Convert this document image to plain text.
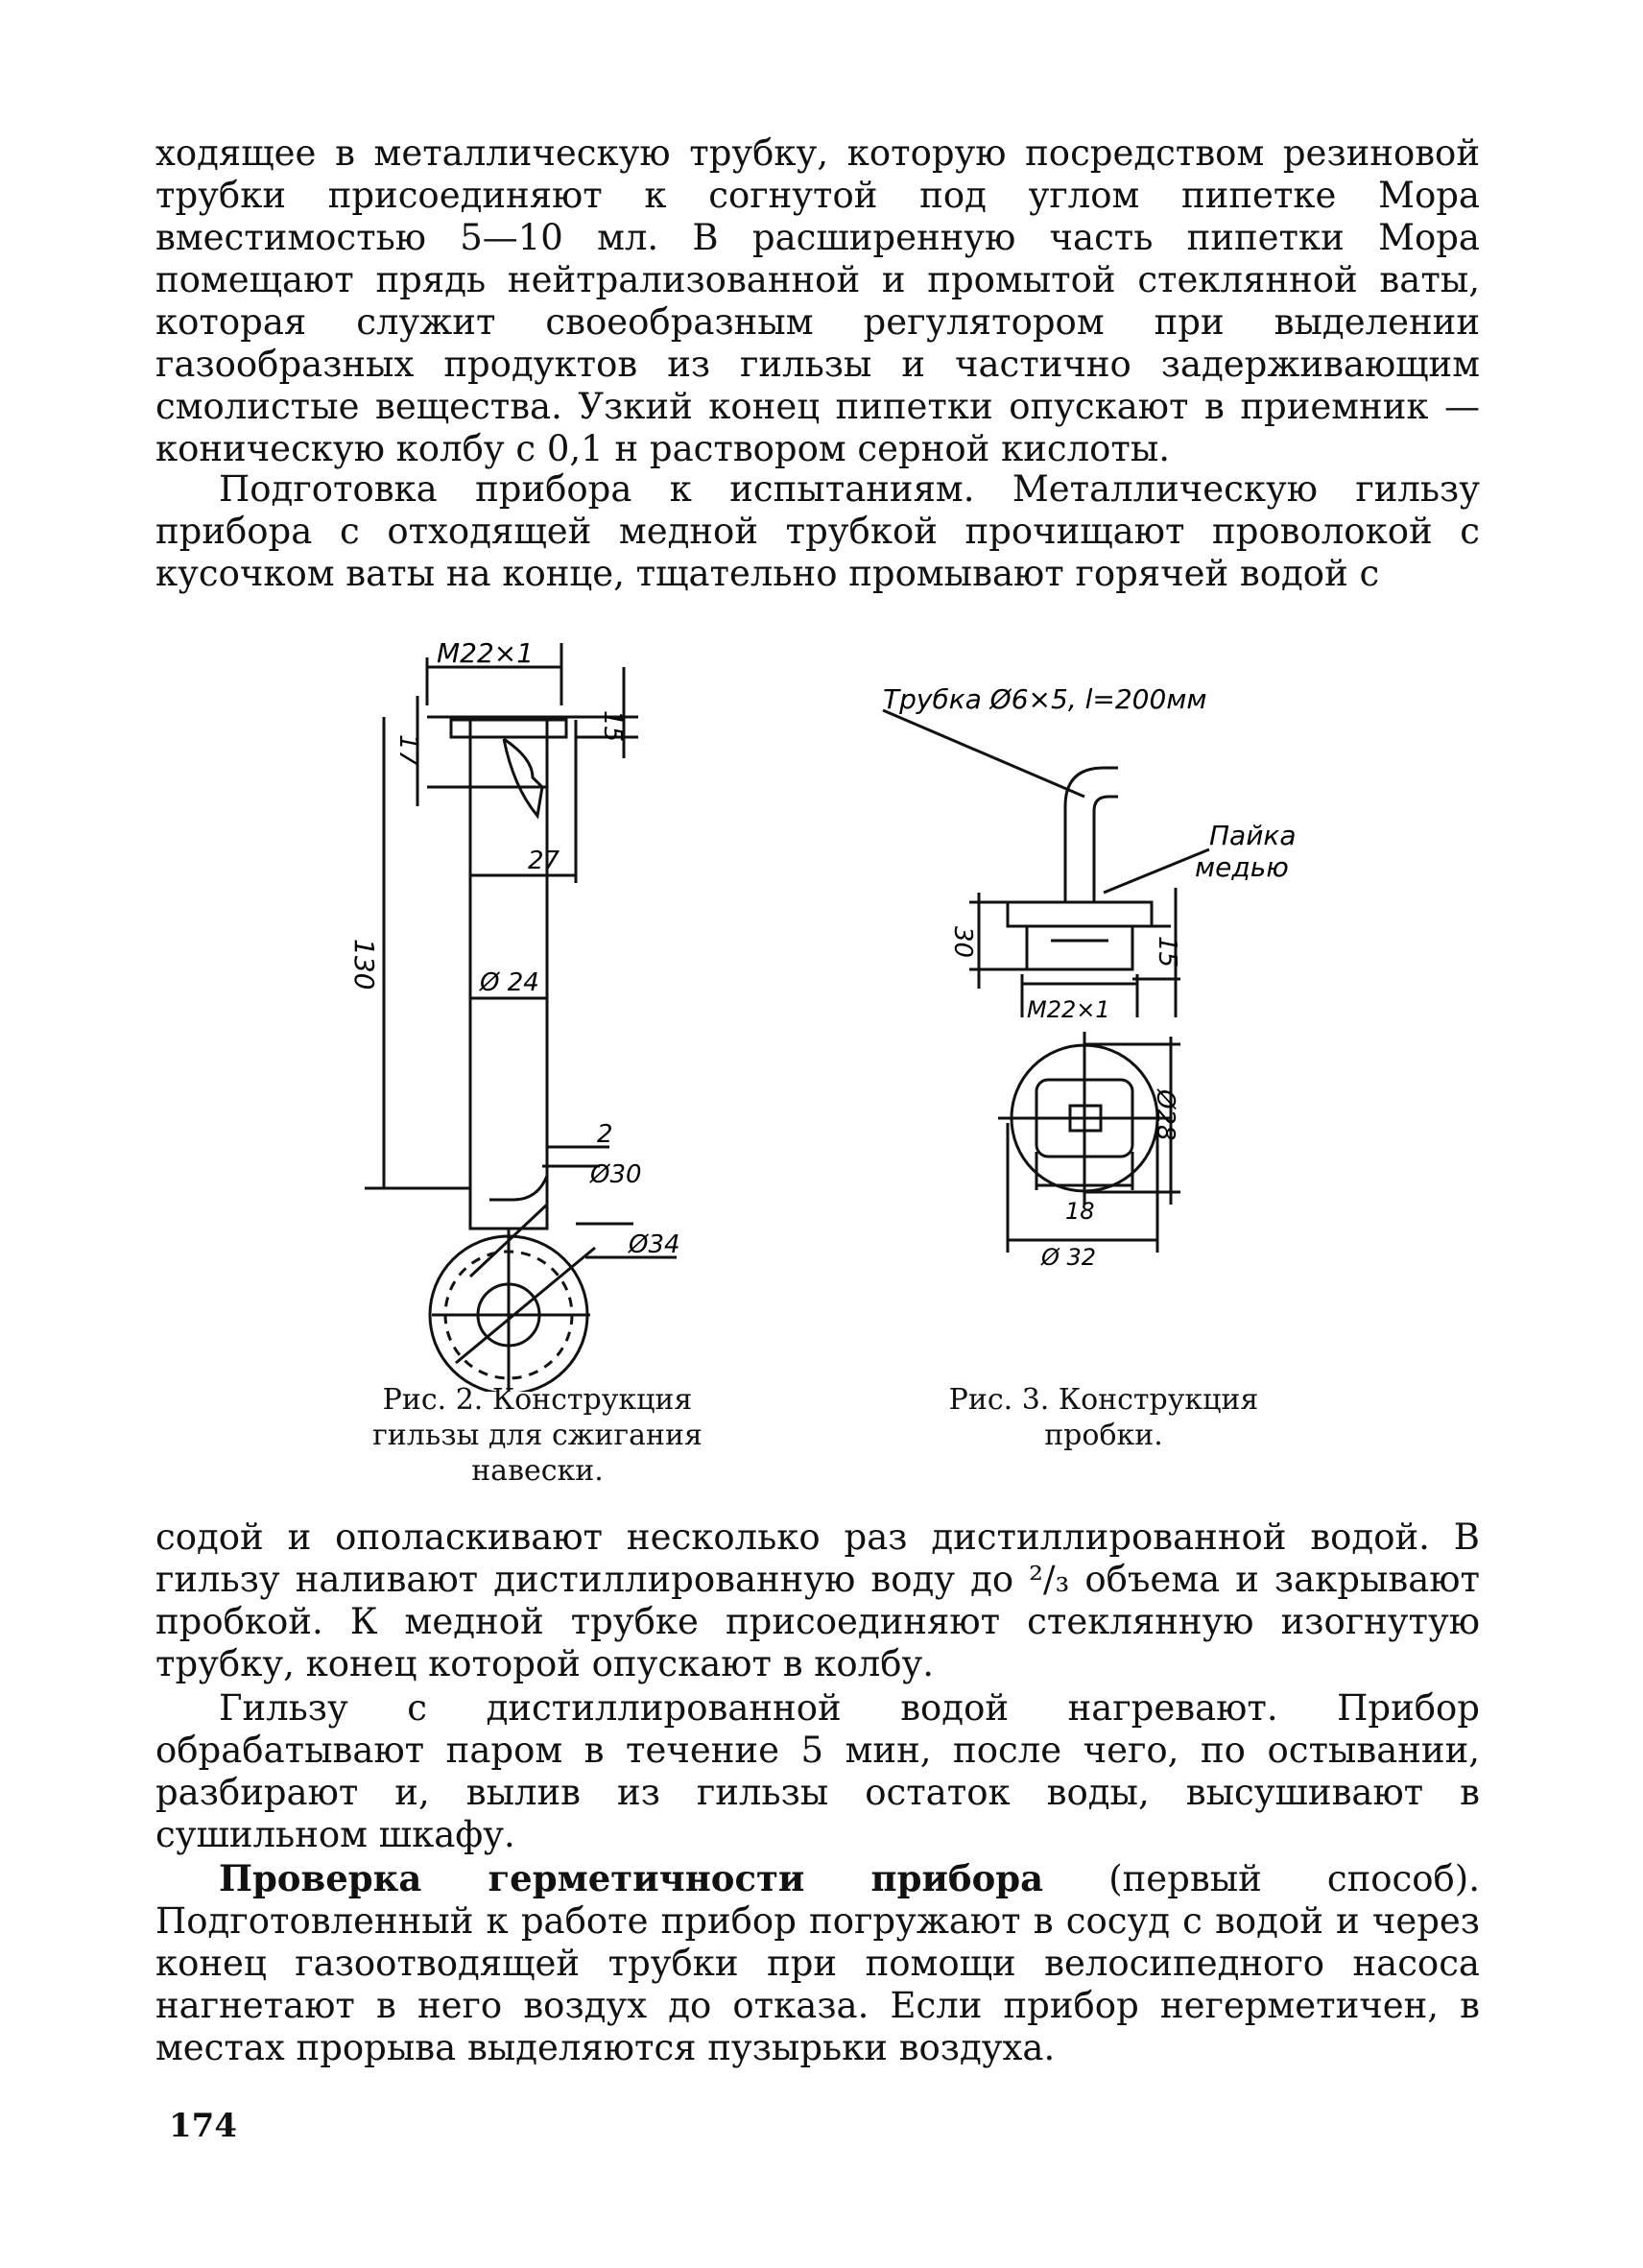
ходящее в металлическую трубку, которую посредством резиновой трубки присоединяют к согнутой под углом пипетке Мора вместимостью 5—10 мл. В расширенную часть пипетки Мора помещают прядь нейтрализованной и промытой стеклянной ваты, которая служит своеобразным регулятором при выделении газообразных продуктов из гильзы и частично задерживающим смолистые вещества. Узкий конец пипетки опускают в приемник — коническую колбу с 0,1 н раствором серной кислоты.
Подготовка прибора к испытаниям. Металлическую гильзу прибора с отходящей медной трубкой прочищают проволокой с кусочком ваты на конце, тщательно промывают горячей водой с
M22×1
17
15
27
130	Ø 24
2
Ø30
Ø34
Рис. 2. Конструкция гильзы для сжигания навески.
Трубка Ø6×5, l=200мм
Пайка
медью
30	15
M22×1
Ø28
18
Ø 32
Рис. 3. Конструкция пробки.
содой и ополаскивают несколько раз дистиллированной водой. В гильзу наливают дистиллированную воду до ²/₃ объема и закрывают пробкой. К медной трубке присоединяют стеклянную изогнутую трубку, конец которой опускают в колбу.
Гильзу с дистиллированной водой нагревают. Прибор обрабатывают паром в течение 5 мин, после чего, по остывании, разбирают и, вылив из гильзы остаток воды, высушивают в сушильном шкафу.
Проверка герметичности прибора (первый способ). Подготовленный к работе прибор погружают в сосуд с водой и через конец газоотводящей трубки при помощи велосипедного насоса нагнетают в него воздух до отказа. Если прибор негерметичен, в местах прорыва выделяются пузырьки воздуха.
174
